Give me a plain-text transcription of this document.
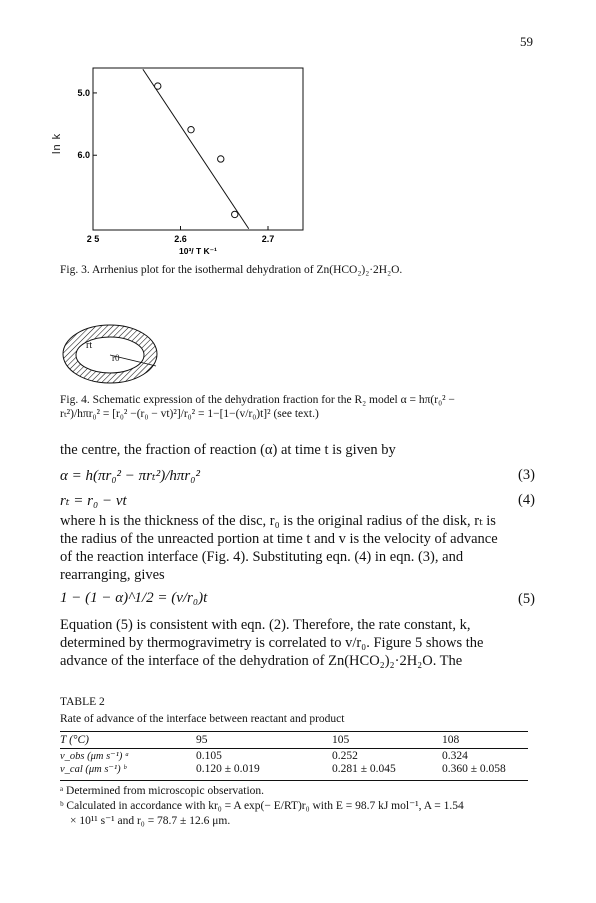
59
2 5	2.6	2.7
5.0
6.0
10³/ T K⁻¹
ln k
Fig. 3. Arrhenius plot for the isothermal dehydration of Zn(HCO₂)₂·2H₂O.
rt
r0
Fig. 4. Schematic expression of the dehydration fraction for the R₂ model α = hπ(r₀² −
rₜ²)/hπr₀² = [r₀² −(r₀ − vt)²]/r₀² = 1−[1−(v/r₀)t]² (see text.)
the centre, the fraction of reaction (α) at time t is given by
α = h(πr₀² − πrₜ²)/hπr₀²	(3)
rₜ = r₀ − vt	(4)
where h is the thickness of the disc, r₀ is the original radius of the disk, rₜ is
the radius of the unreacted portion at time t and v is the velocity of advance
of the reaction interface (Fig. 4). Substituting eqn. (4) in eqn. (3), and
rearranging, gives
1 − (1 − α)^1/2 = (v/r₀)t	(5)
Equation (5) is consistent with eqn. (2). Therefore, the rate constant, k,
determined by thermogravimetry is correlated to v/r₀. Figure 5 shows the
advance of the interface of the dehydration of Zn(HCO₂)₂·2H₂O. The
TABLE 2
Rate of advance of the interface between reactant and product
T (°C)	95	105	108
v_obs (μm s⁻¹) ᵃ	0.105	0.252	0.324
v_cal (μm s⁻¹) ᵇ	0.120 ± 0.019	0.281 ± 0.045	0.360 ± 0.058
ᵃ Determined from microscopic observation.
ᵇ Calculated in accordance with kr₀ = A exp(− E/RT)r₀ with E = 98.7 kJ mol⁻¹, A = 1.54
× 10¹¹ s⁻¹ and r₀ = 78.7 ± 12.6 μm.
